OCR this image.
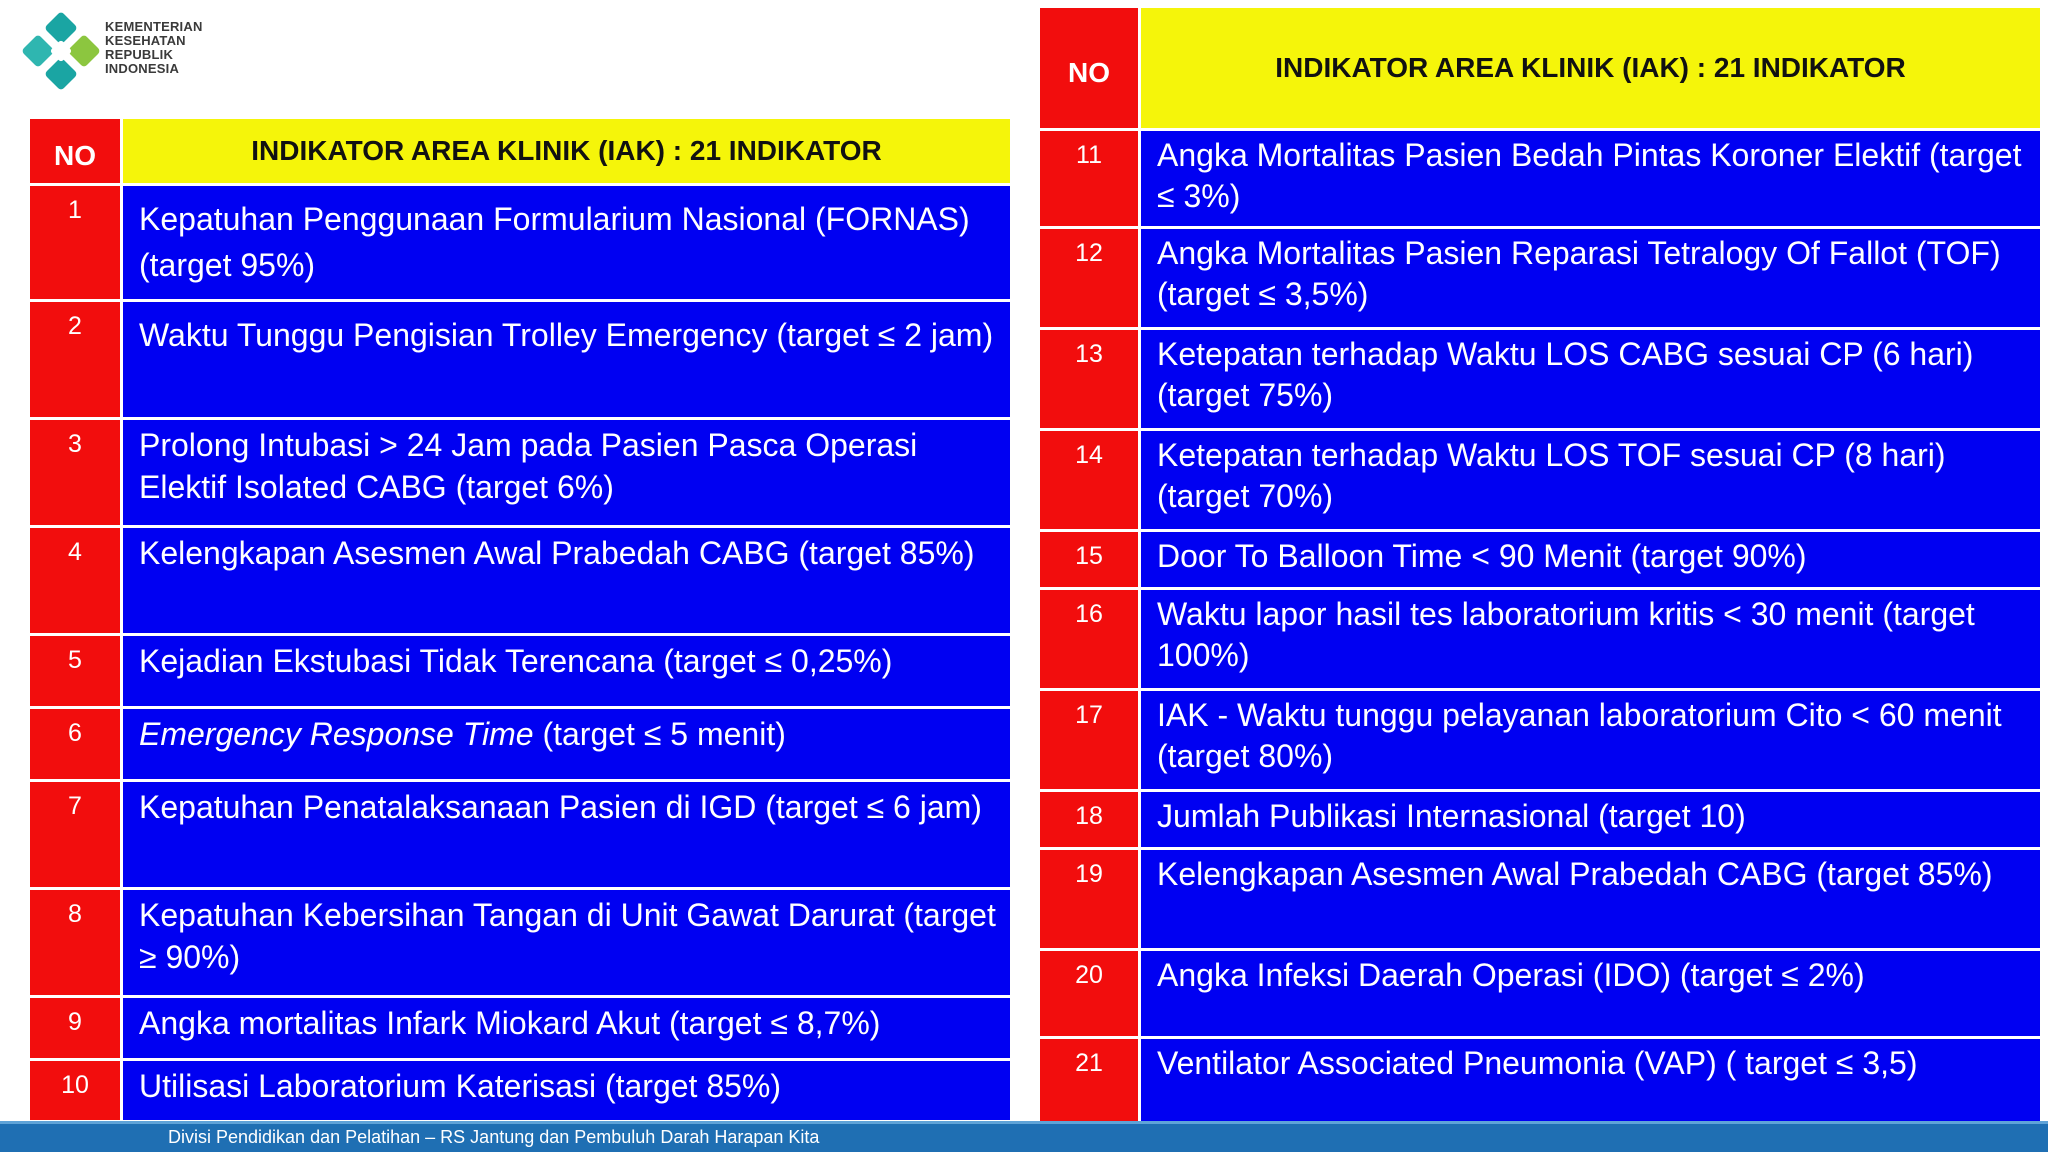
KEMENTERIAN
KESEHATAN
REPUBLIK
INDONESIA
NO	INDIKATOR AREA KLINIK (IAK) : 21 INDIKATOR
1	Kepatuhan Penggunaan Formularium Nasional (FORNAS) (target 95%)
2	Waktu Tunggu Pengisian Trolley Emergency (target ≤ 2 jam)
3	Prolong Intubasi > 24 Jam pada Pasien Pasca Operasi Elektif Isolated CABG (target 6%)
4	Kelengkapan Asesmen Awal Prabedah CABG (target 85%)
5	Kejadian Ekstubasi Tidak Terencana (target ≤ 0,25%)
6	Emergency Response Time (target ≤ 5 menit)
7	Kepatuhan Penatalaksanaan Pasien di IGD (target ≤ 6 jam)
8	Kepatuhan Kebersihan Tangan di Unit Gawat Darurat (target ≥ 90%)
9	Angka mortalitas Infark Miokard Akut (target ≤ 8,7%)
10	Utilisasi Laboratorium Katerisasi (target 85%)
NO	INDIKATOR AREA KLINIK (IAK) : 21 INDIKATOR
11	Angka Mortalitas Pasien Bedah Pintas Koroner Elektif (target ≤ 3%)
12	Angka Mortalitas Pasien Reparasi Tetralogy Of Fallot (TOF) (target ≤ 3,5%)
13	Ketepatan terhadap Waktu LOS CABG sesuai CP (6 hari) (target 75%)
14	Ketepatan terhadap Waktu LOS TOF sesuai CP (8 hari) (target 70%)
15	Door To Balloon Time < 90 Menit (target 90%)
16	Waktu lapor hasil tes laboratorium kritis < 30 menit (target 100%)
17	IAK - Waktu tunggu pelayanan laboratorium Cito < 60 menit (target 80%)
18	Jumlah Publikasi Internasional (target 10)
19	Kelengkapan Asesmen Awal Prabedah CABG (target 85%)
20	Angka Infeksi Daerah Operasi (IDO) (target ≤ 2%)
21	Ventilator Associated Pneumonia (VAP) ( target ≤ 3,5)
Divisi Pendidikan dan Pelatihan – RS Jantung dan Pembuluh Darah Harapan Kita
